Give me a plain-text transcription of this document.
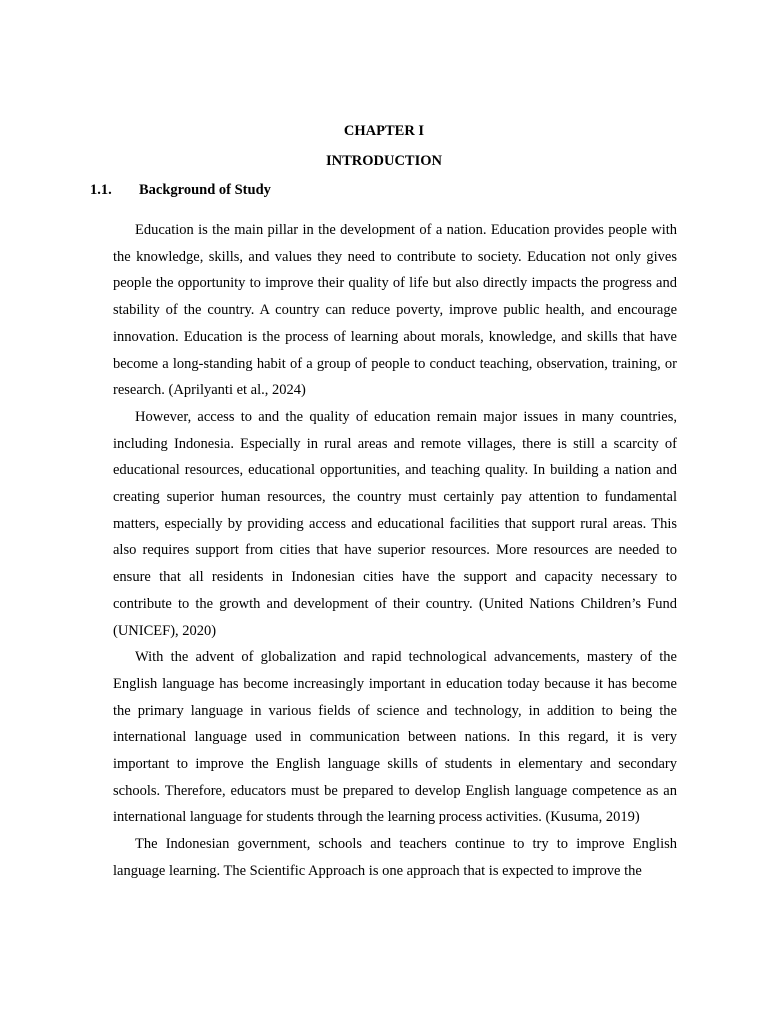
CHAPTER I
INTRODUCTION
1.1. Background of Study

Education is the main pillar in the development of a nation. Education provides people with the knowledge, skills, and values they need to contribute to society. Education not only gives people the opportunity to improve their quality of life but also directly impacts the progress and stability of the country. A country can reduce poverty, improve public health, and encourage innovation. Education is the process of learning about morals, knowledge, and skills that have become a long-standing habit of a group of people to conduct teaching, observation, training, or research. (Aprilyanti et al., 2024)

However, access to and the quality of education remain major issues in many countries, including Indonesia. Especially in rural areas and remote villages, there is still a scarcity of educational resources, educational opportunities, and teaching quality. In building a nation and creating superior human resources, the country must certainly pay attention to fundamental matters, especially by providing access and educational facilities that support rural areas. This also requires support from cities that have superior resources. More resources are needed to ensure that all residents in Indonesian cities have the support and capacity necessary to contribute to the growth and development of their country. (United Nations Children’s Fund (UNICEF), 2020)

With the advent of globalization and rapid technological advancements, mastery of the English language has become increasingly important in education today because it has become the primary language in various fields of science and technology, in addition to being the international language used in communication between nations. In this regard, it is very important to improve the English language skills of students in elementary and secondary schools. Therefore, educators must be prepared to develop English language competence as an international language for students through the learning process activities. (Kusuma, 2019)

The Indonesian government, schools and teachers continue to try to improve English language learning. The Scientific Approach is one approach that is expected to improve the
